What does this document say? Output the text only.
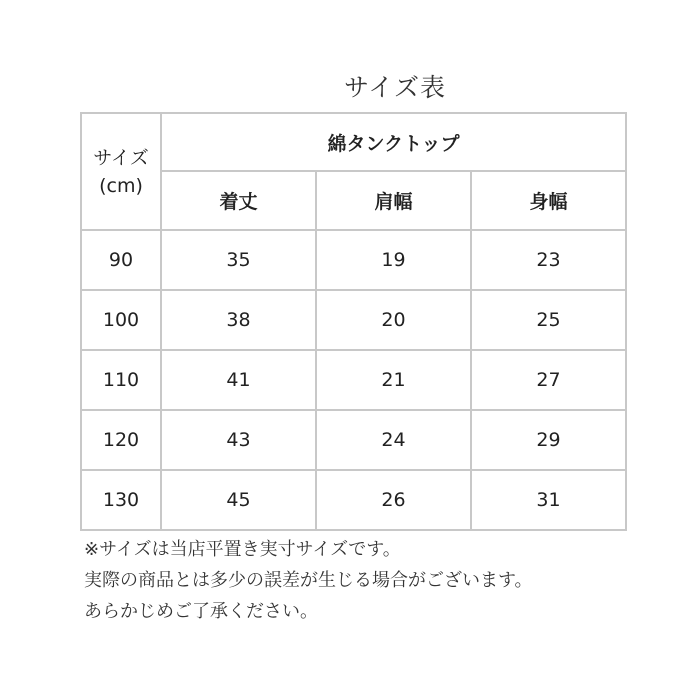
サイズ表
サイズ
(cm)	綿タンクトップ		
	着丈	肩幅	身幅
90	35	19	23
100	38	20	25
110	41	21	27
120	43	24	29
130	45	26	31
※サイズは当店平置き実寸サイズです。
実際の商品とは多少の誤差が生じる場合がございます。
あらかじめご了承ください。
